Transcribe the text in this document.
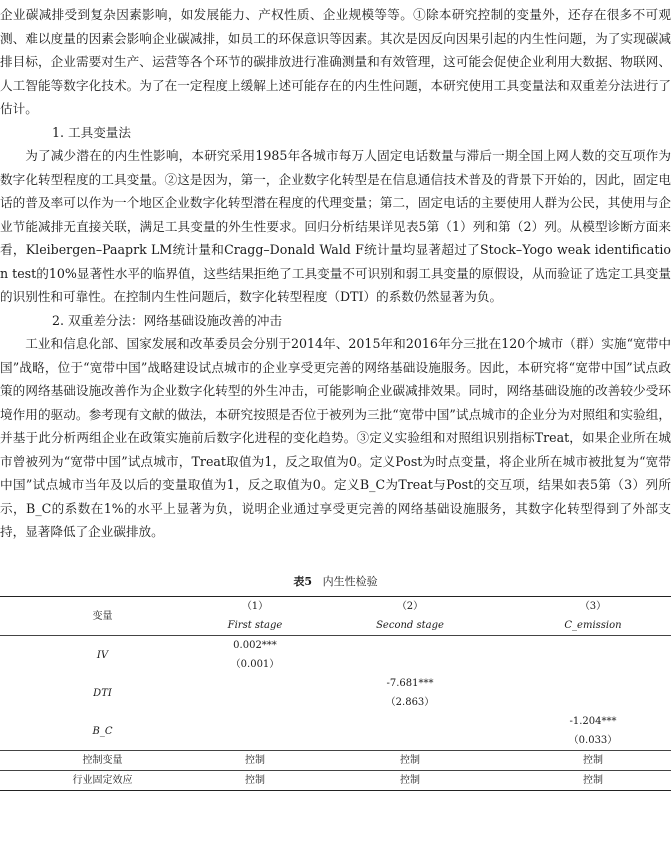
企业碳减排受到复杂因素影响，如发展能力、产权性质、企业规模等等。①除本研究控制的变量外，还存在很多不可观测、难以度量的因素会影响企业碳减排，如员工的环保意识等因素。其次是因反向因果引起的内生性问题，为了实现碳减排目标，企业需要对生产、运营等各个环节的碳排放进行准确测量和有效管理，这可能会促使企业利用大数据、物联网、人工智能等数字化技术。为了在一定程度上缓解上述可能存在的内生性问题，本研究使用工具变量法和双重差分法进行了估计。

1. 工具变量法

为了减少潜在的内生性影响，本研究采用1985年各城市每万人固定电话数量与滞后一期全国上网人数的交互项作为数字化转型程度的工具变量。②这是因为，第一，企业数字化转型是在信息通信技术普及的背景下开始的，因此，固定电话的普及率可以作为一个地区企业数字化转型潜在程度的代理变量；第二，固定电话的主要使用人群为公民，其使用与企业节能减排无直接关联，满足工具变量的外生性要求。回归分析结果详见表5第（1）列和第（2）列。从模型诊断方面来看，Kleibergen–Paaprk LM统计量和Cragg–Donald Wald F统计量均显著超过了Stock–Yogo weak identification test的10%显著性水平的临界值，这些结果拒绝了工具变量不可识别和弱工具变量的原假设，从而验证了选定工具变量的识别性和可靠性。在控制内生性问题后，数字化转型程度（DTI）的系数仍然显著为负。

2. 双重差分法：网络基础设施改善的冲击

工业和信息化部、国家发展和改革委员会分别于2014年、2015年和2016年分三批在120个城市（群）实施“宽带中国”战略，位于“宽带中国”战略建设试点城市的企业享受更完善的网络基础设施服务。因此，本研究将“宽带中国”试点政策的网络基础设施改善作为企业数字化转型的外生冲击，可能影响企业碳减排效果。同时，网络基础设施的改善较少受环境作用的驱动。参考现有文献的做法，本研究按照是否位于被列为三批“宽带中国”试点城市的企业分为对照组和实验组，并基于此分析两组企业在政策实施前后数字化进程的变化趋势。③定义实验组和对照组识别指标Treat，如果企业所在城市曾被列为“宽带中国”试点城市，Treat取值为1，反之取值为0。定义Post为时点变量，将企业所在城市被批复为“宽带中国”试点城市当年及以后的变量取值为1，反之取值为0。定义B_C为Treat与Post的交互项，结果如表5第（3）列所示，B_C的系数在1%的水平上显著为负，说明企业通过享受更完善的网络基础设施服务，其数字化转型得到了外部支持，显著降低了企业碳排放。

表5 内生性检验
变量	（1）	（2）	（3）
	First stage	Second stage	C_emission
IV	0.002***		
	（0.001）		
DTI		-7.681***	
		（2.863）	
B_C			-1.204***
			（0.033）
控制变量	控制	控制	控制
行业固定效应	控制	控制	控制
